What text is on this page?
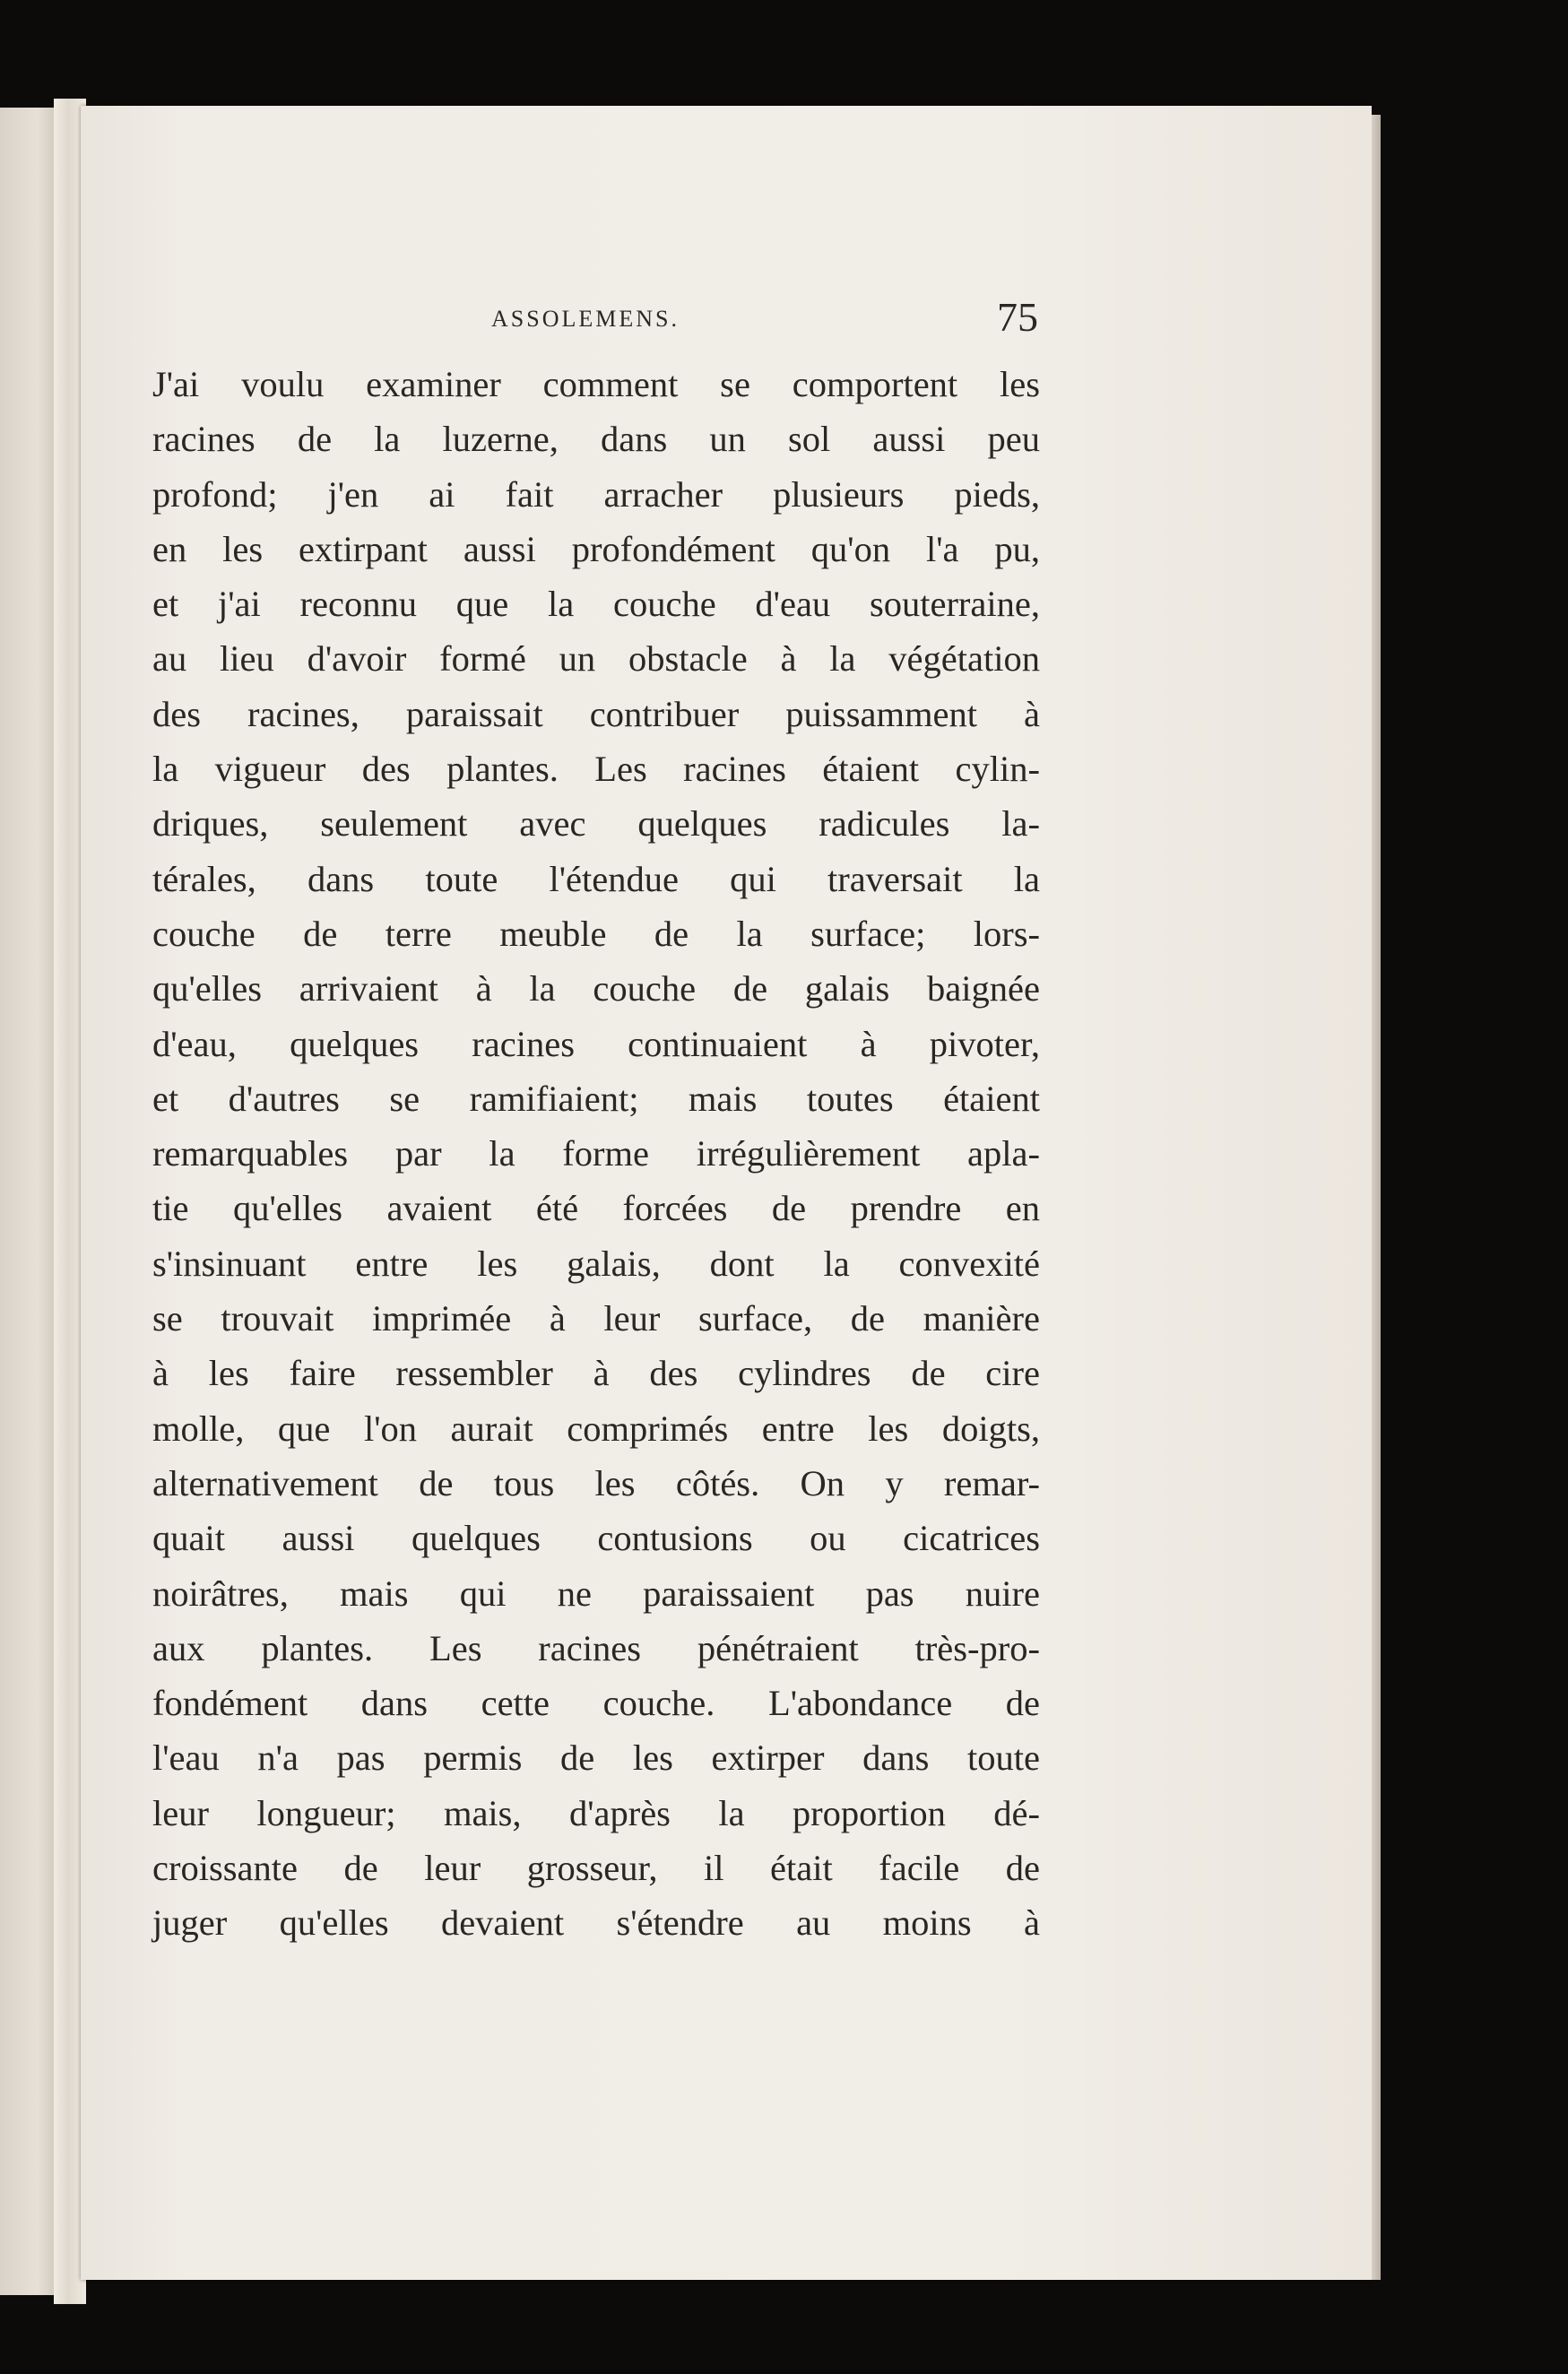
ASSOLEMENS.	75
J'ai voulu examiner comment se comportent les
racines de la luzerne, dans un sol aussi peu
profond; j'en ai fait arracher plusieurs pieds,
en les extirpant aussi profondément qu'on l'a pu,
et j'ai reconnu que la couche d'eau souterraine,
au lieu d'avoir formé un obstacle à la végétation
des racines, paraissait contribuer puissamment à
la vigueur des plantes. Les racines étaient cylin-
driques, seulement avec quelques radicules la-
térales, dans toute l'étendue qui traversait la
couche de terre meuble de la surface; lors-
qu'elles arrivaient à la couche de galais baignée
d'eau, quelques racines continuaient à pivoter,
et d'autres se ramifiaient; mais toutes étaient
remarquables par la forme irrégulièrement apla-
tie qu'elles avaient été forcées de prendre en
s'insinuant entre les galais, dont la convexité
se trouvait imprimée à leur surface, de manière
à les faire ressembler à des cylindres de cire
molle, que l'on aurait comprimés entre les doigts,
alternativement de tous les côtés. On y remar-
quait aussi quelques contusions ou cicatrices
noirâtres, mais qui ne paraissaient pas nuire
aux plantes. Les racines pénétraient très-pro-
fondément dans cette couche. L'abondance de
l'eau n'a pas permis de les extirper dans toute
leur longueur; mais, d'après la proportion dé-
croissante de leur grosseur, il était facile de
juger qu'elles devaient s'étendre au moins à
